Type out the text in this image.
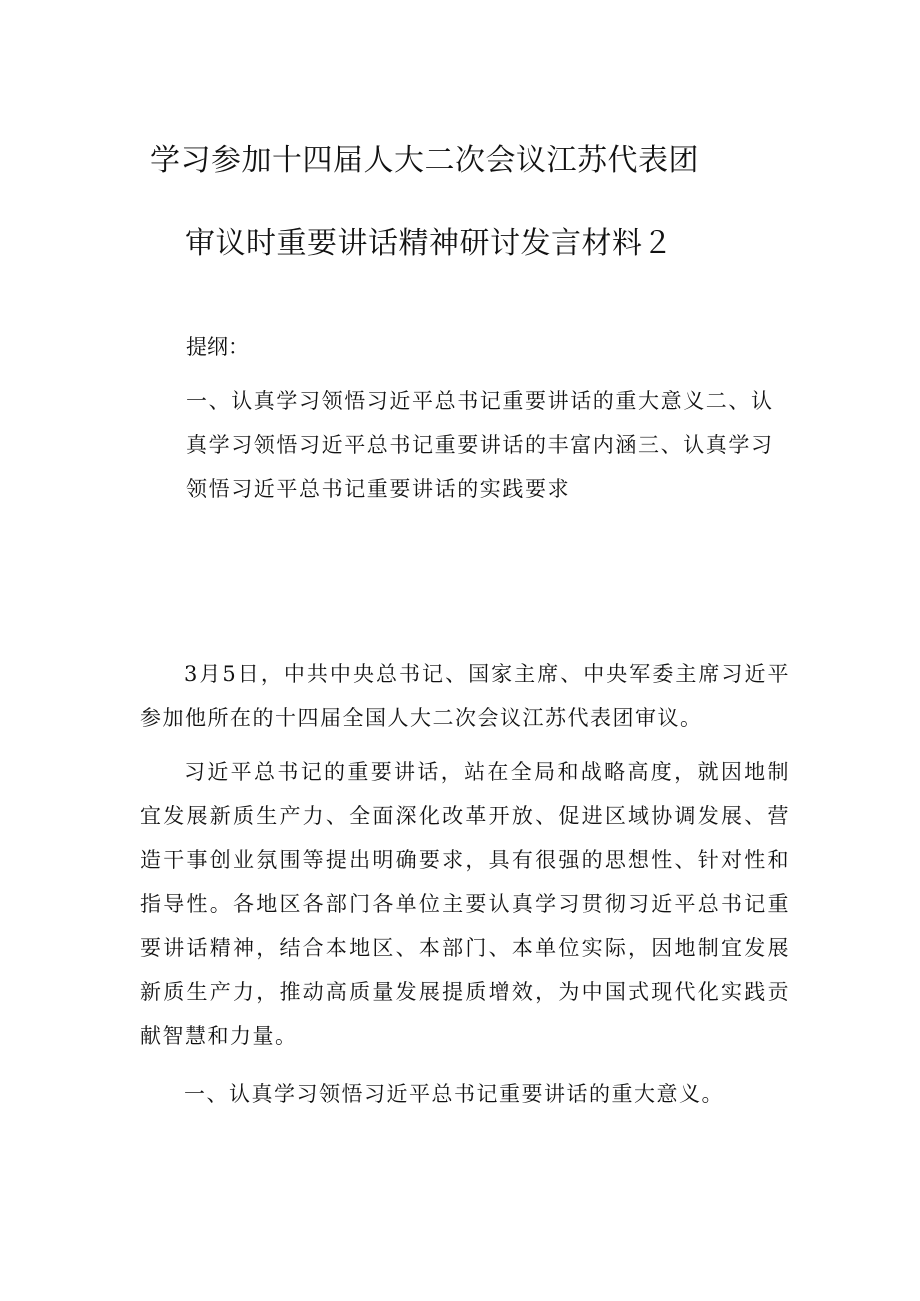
学习参加十四届人大二次会议江苏代表团
审议时重要讲话精神研讨发言材料２

提纲：

一、认真学习领悟习近平总书记重要讲话的重大意义二、认真学习领悟习近平总书记重要讲话的丰富内涵三、认真学习领悟习近平总书记重要讲话的实践要求

3月5日，中共中央总书记、国家主席、中央军委主席习近平参加他所在的十四届全国人大二次会议江苏代表团审议。

习近平总书记的重要讲话，站在全局和战略高度，就因地制宜发展新质生产力、全面深化改革开放、促进区域协调发展、营造干事创业氛围等提出明确要求，具有很强的思想性、针对性和指导性。各地区各部门各单位主要认真学习贯彻习近平总书记重要讲话精神，结合本地区、本部门、本单位实际，因地制宜发展新质生产力，推动高质量发展提质增效，为中国式现代化实践贡献智慧和力量。

一、认真学习领悟习近平总书记重要讲话的重大意义。
